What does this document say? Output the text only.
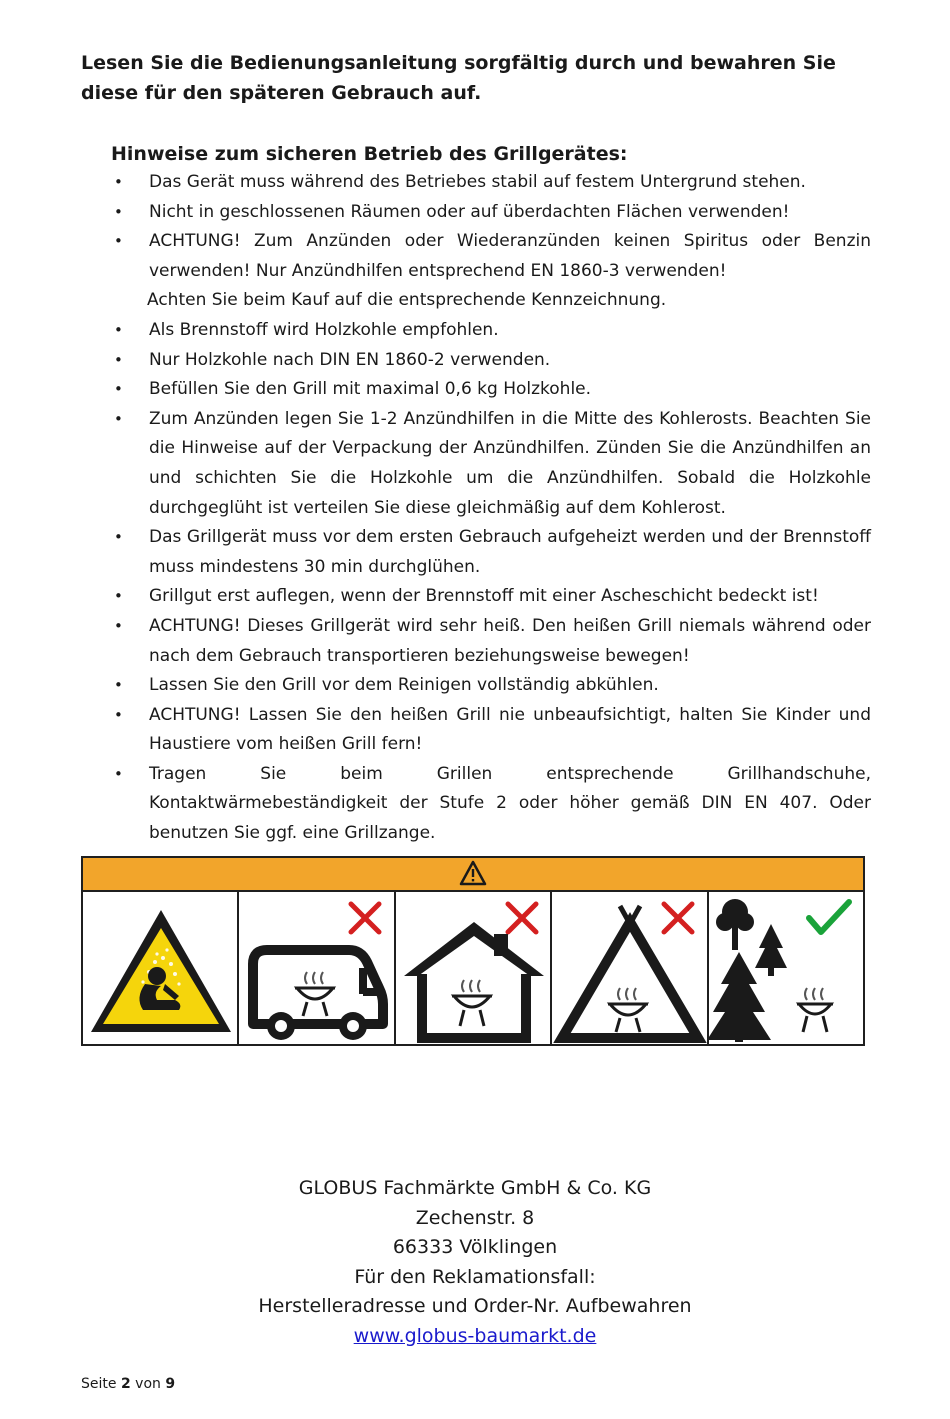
Lesen Sie die Bedienungsanleitung sorgfältig durch und bewahren Sie diese für den späteren Gebrauch auf.
Hinweise zum sicheren Betrieb des Grillgerätes:
• Das Gerät muss während des Betriebes stabil auf festem Untergrund stehen.
• Nicht in geschlossenen Räumen oder auf überdachten Flächen verwenden!
• ACHTUNG! Zum Anzünden oder Wiederanzünden keinen Spiritus oder Benzin verwenden! Nur Anzündhilfen entsprechend EN 1860-3 verwenden!
Achten Sie beim Kauf auf die entsprechende Kennzeichnung.
• Als Brennstoff wird Holzkohle empfohlen.
• Nur Holzkohle nach DIN EN 1860-2 verwenden.
• Befüllen Sie den Grill mit maximal 0,6 kg Holzkohle.
• Zum Anzünden legen Sie 1-2 Anzündhilfen in die Mitte des Kohlerosts. Beachten Sie die Hinweise auf der Verpackung der Anzündhilfen. Zünden Sie die Anzündhilfen an und schichten Sie die Holzkohle um die Anzündhilfen. Sobald die Holzkohle durchgeglüht ist verteilen Sie diese gleichmäßig auf dem Kohlerost.
• Das Grillgerät muss vor dem ersten Gebrauch aufgeheizt werden und der Brennstoff muss mindestens 30 min durchglühen.
• Grillgut erst auflegen, wenn der Brennstoff mit einer Ascheschicht bedeckt ist!
• ACHTUNG! Dieses Grillgerät wird sehr heiß. Den heißen Grill niemals während oder nach dem Gebrauch transportieren beziehungsweise bewegen!
• Lassen Sie den Grill vor dem Reinigen vollständig abkühlen.
• ACHTUNG! Lassen Sie den heißen Grill nie unbeaufsichtigt, halten Sie Kinder und Haustiere vom heißen Grill fern!
• Tragen Sie beim Grillen entsprechende Grillhandschuhe, Kontaktwärmebeständigkeit der Stufe 2 oder höher gemäß DIN EN 407. Oder benutzen Sie ggf. eine Grillzange.
GLOBUS Fachmärkte GmbH & Co. KG
Zechenstr. 8
66333 Völklingen
Für den Reklamationsfall:
Herstelleradresse und Order-Nr. Aufbewahren
www.globus-baumarkt.de
Seite 2 von 9
